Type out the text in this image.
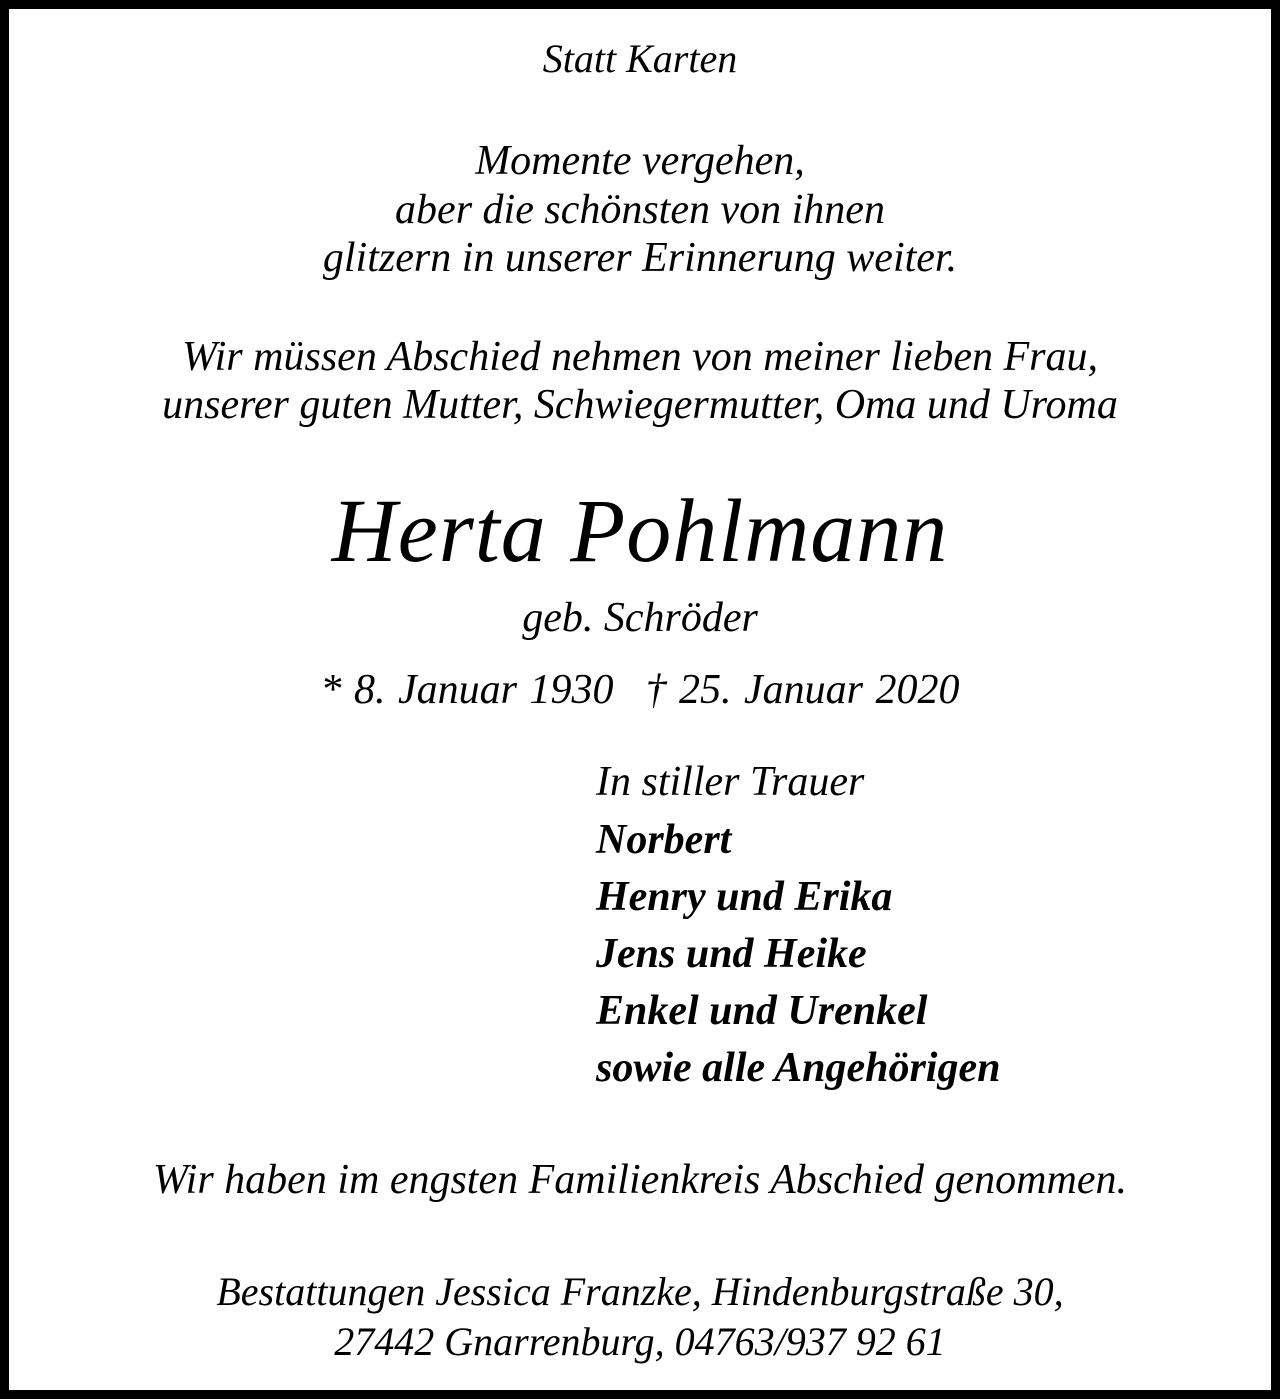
Statt Karten
Momente vergehen,
aber die schönsten von ihnen
glitzern in unserer Erinnerung weiter.
Wir müssen Abschied nehmen von meiner lieben Frau,
unserer guten Mutter, Schwiegermutter, Oma und Uroma
Herta Pohlmann
geb. Schröder
* 8. Januar 1930 † 25. Januar 2020
In stiller Trauer
Norbert
Henry und Erika
Jens und Heike
Enkel und Urenkel
sowie alle Angehörigen
Wir haben im engsten Familienkreis Abschied genommen.
Bestattungen Jessica Franzke, Hindenburgstraße 30,
27442 Gnarrenburg, 04763/937 92 61
